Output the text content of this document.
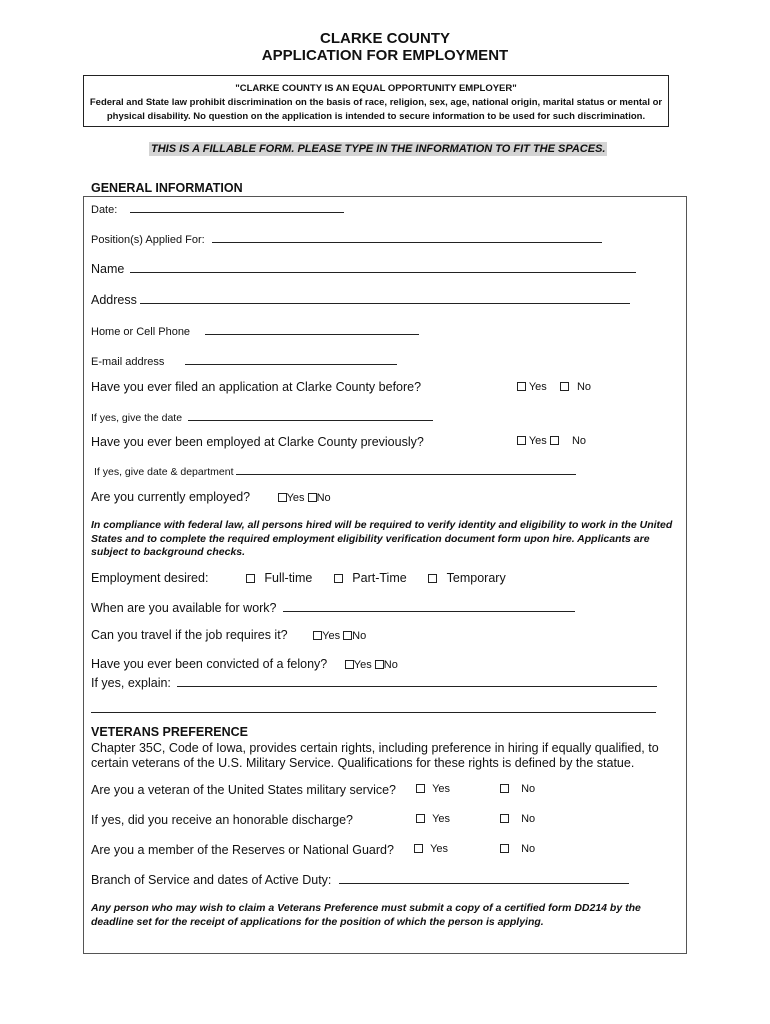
CLARKE COUNTY
APPLICATION FOR EMPLOYMENT
"CLARKE COUNTY IS AN EQUAL OPPORTUNITY EMPLOYER"
Federal and State law prohibit discrimination on the basis of race, religion, sex, age, national origin, marital status or mental or
physical disability. No question on the application is intended to secure information to be used for such discrimination.
THIS IS A FILLABLE FORM. PLEASE TYPE IN THE INFORMATION TO FIT THE SPACES.
GENERAL INFORMATION
Date:
Position(s) Applied For:
Name
Address
Home or Cell Phone
E-mail address
Have you ever filed an application at Clarke County before?	Yes	No
If yes, give the date
Have you ever been employed at Clarke County previously?	Yes No
If yes, give date & department
Are you currently employed?	Yes No
In compliance with federal law, all persons hired will be required to verify identity and eligibility to work in the United States and to complete the required employment eligibility verification document form upon hire. Applicants are subject to background checks.
Employment desired:	Full-time	Part-Time	Temporary
When are you available for work?
Can you travel if the job requires it?	Yes No
Have you ever been convicted of a felony? Yes No
If yes, explain:
VETERANS PREFERENCE
Chapter 35C, Code of Iowa, provides certain rights, including preference in hiring if equally qualified, to certain veterans of the U.S. Military Service. Qualifications for these rights is defined by the statue.
Are you a veteran of the United States military service?	Yes	No
If yes, did you receive an honorable discharge?	Yes	No
Are you a member of the Reserves or National Guard?	Yes	No
Branch of Service and dates of Active Duty:
Any person who may wish to claim a Veterans Preference must submit a copy of a certified form DD214 by the deadline set for the receipt of applications for the position of which the person is applying.
